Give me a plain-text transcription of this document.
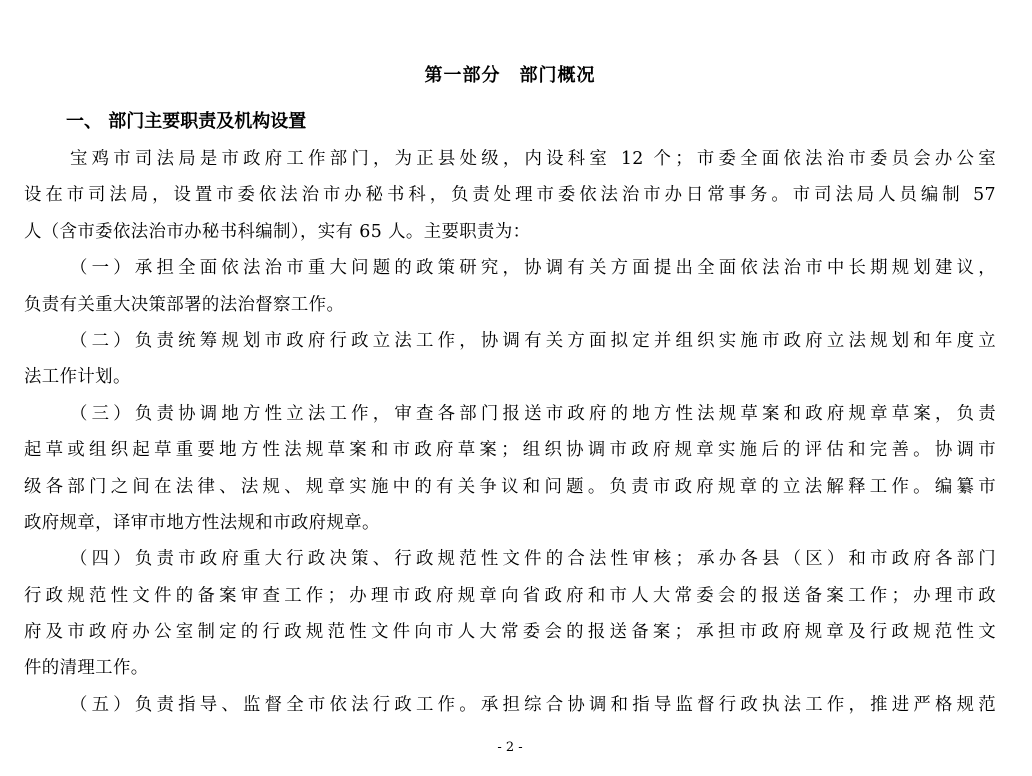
第一部分　部门概况
一、 部门主要职责及机构设置
宝鸡市司法局是市政府工作部门，为正县处级，内设科室 12 个；市委全面依法治市委员会办公室
设在市司法局，设置市委依法治市办秘书科，负责处理市委依法治市办日常事务。市司法局人员编制 57
人（含市委依法治市办秘书科编制），实有 65 人。主要职责为：
（一）承担全面依法治市重大问题的政策研究，协调有关方面提出全面依法治市中长期规划建议，
负责有关重大决策部署的法治督察工作。
（二）负责统筹规划市政府行政立法工作，协调有关方面拟定并组织实施市政府立法规划和年度立
法工作计划。
（三）负责协调地方性立法工作，审查各部门报送市政府的地方性法规草案和政府规章草案，负责
起草或组织起草重要地方性法规草案和市政府草案；组织协调市政府规章实施后的评估和完善。协调市
级各部门之间在法律、法规、规章实施中的有关争议和问题。负责市政府规章的立法解释工作。编纂市
政府规章，译审市地方性法规和市政府规章。
（四）负责市政府重大行政决策、行政规范性文件的合法性审核；承办各县（区）和市政府各部门
行政规范性文件的备案审查工作；办理市政府规章向省政府和市人大常委会的报送备案工作；办理市政
府及市政府办公室制定的行政规范性文件向市人大常委会的报送备案；承担市政府规章及行政规范性文
件的清理工作。
（五）负责指导、监督全市依法行政工作。承担综合协调和指导监督行政执法工作，推进严格规范
- 2 -
